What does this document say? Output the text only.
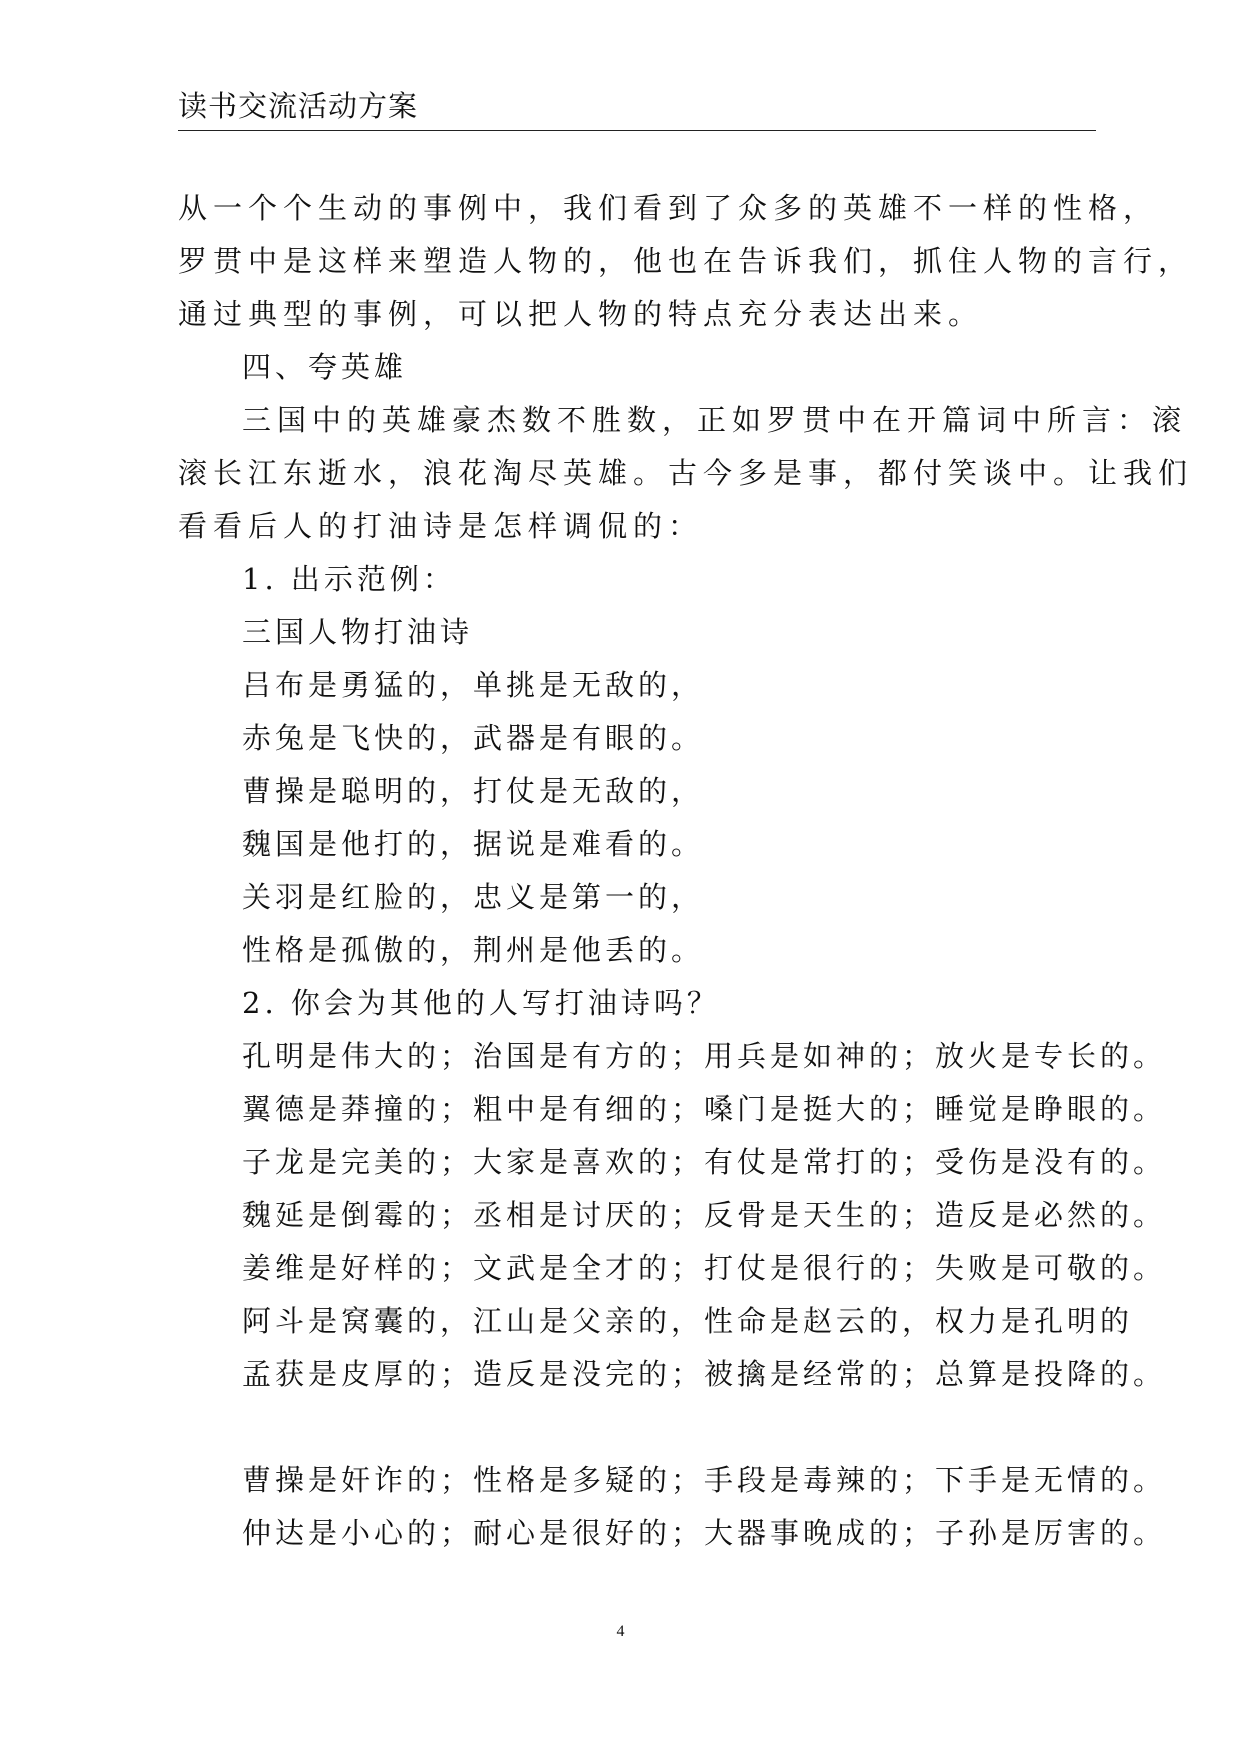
读书交流活动方案
从一个个生动的事例中，我们看到了众多的英雄不一样的性格，
罗贯中是这样来塑造人物的，他也在告诉我们，抓住人物的言行，
通过典型的事例，可以把人物的特点充分表达出来。
四、夸英雄
三国中的英雄豪杰数不胜数，正如罗贯中在开篇词中所言：滚
滚长江东逝水，浪花淘尽英雄。古今多是事，都付笑谈中。让我们
看看后人的打油诗是怎样调侃的：
1. 出示范例：
三国人物打油诗
吕布是勇猛的，单挑是无敌的，
赤兔是飞快的，武器是有眼的。
曹操是聪明的，打仗是无敌的，
魏国是他打的，据说是难看的。
关羽是红脸的，忠义是第一的，
性格是孤傲的，荆州是他丢的。
2. 你会为其他的人写打油诗吗？
孔明是伟大的；治国是有方的；用兵是如神的；放火是专长的。
翼德是莽撞的；粗中是有细的；嗓门是挺大的；睡觉是睁眼的。
子龙是完美的；大家是喜欢的；有仗是常打的；受伤是没有的。
魏延是倒霉的；丞相是讨厌的；反骨是天生的；造反是必然的。
姜维是好样的；文武是全才的；打仗是很行的；失败是可敬的。
阿斗是窝囊的，江山是父亲的，性命是赵云的，权力是孔明的
孟获是皮厚的；造反是没完的；被擒是经常的；总算是投降的。
曹操是奸诈的；性格是多疑的；手段是毒辣的；下手是无情的。
仲达是小心的；耐心是很好的；大器事晚成的；子孙是厉害的。
4
